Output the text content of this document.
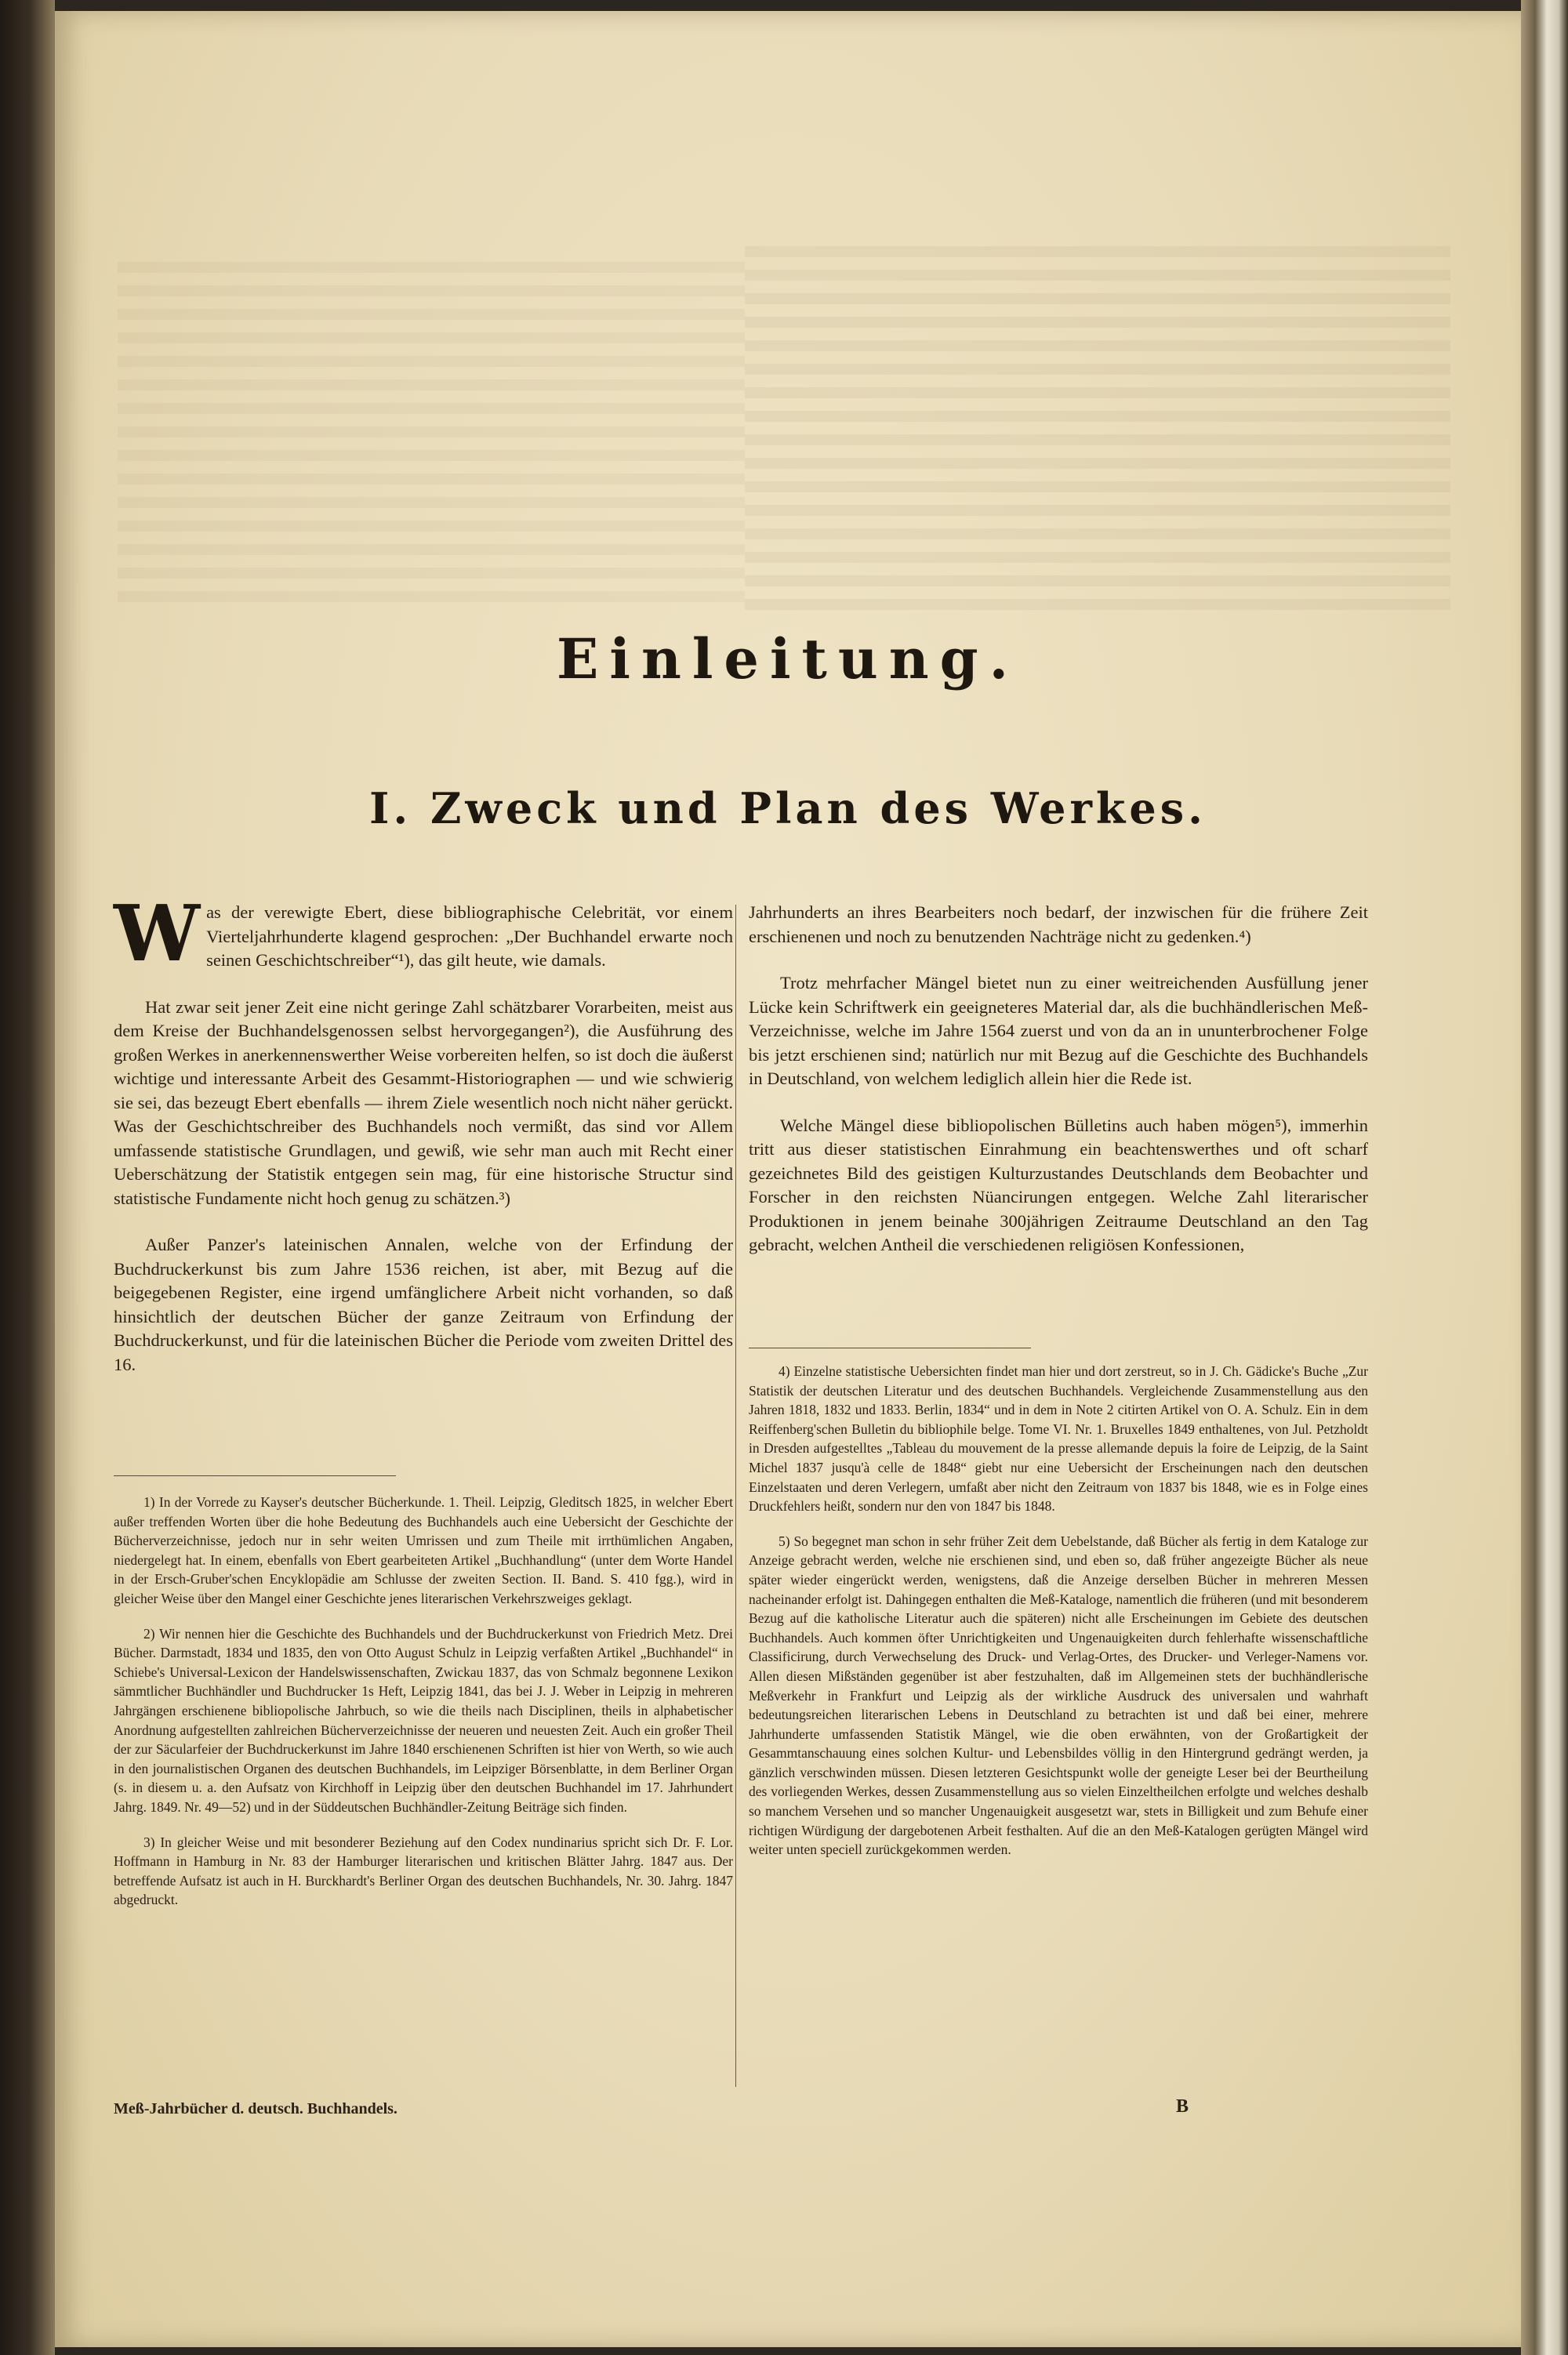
Einleitung.
I. Zweck und Plan des Werkes.

Was der verewigte Ebert, diese bibliographische Celebrität, vor einem Vierteljahrhunderte klagend gesprochen: „Der Buchhandel erwarte noch seinen Geschichtschreiber“¹), das gilt heute, wie damals.

Hat zwar seit jener Zeit eine nicht geringe Zahl schätzbarer Vorarbeiten, meist aus dem Kreise der Buchhandelsgenossen selbst hervorgegangen²), die Ausführung des großen Werkes in anerkennenswerther Weise vorbereiten helfen, so ist doch die äußerst wichtige und interessante Arbeit des Gesammt-Historiographen — und wie schwierig sie sei, das bezeugt Ebert ebenfalls — ihrem Ziele wesentlich noch nicht näher gerückt. Was der Geschichtschreiber des Buchhandels noch vermißt, das sind vor Allem umfassende statistische Grundlagen, und gewiß, wie sehr man auch mit Recht einer Ueberschätzung der Statistik entgegen sein mag, für eine historische Structur sind statistische Fundamente nicht hoch genug zu schätzen.³)

Außer Panzer's lateinischen Annalen, welche von der Erfindung der Buchdruckerkunst bis zum Jahre 1536 reichen, ist aber, mit Bezug auf die beigegebenen Register, eine irgend umfänglichere Arbeit nicht vorhanden, so daß hinsichtlich der deutschen Bücher der ganze Zeitraum von Erfindung der Buchdruckerkunst, und für die lateinischen Bücher die Periode vom zweiten Drittel des 16.

Jahrhunderts an ihres Bearbeiters noch bedarf, der inzwischen für die frühere Zeit erschienenen und noch zu benutzenden Nachträge nicht zu gedenken.⁴)

Trotz mehrfacher Mängel bietet nun zu einer weitreichenden Ausfüllung jener Lücke kein Schriftwerk ein geeigneteres Material dar, als die buchhändlerischen Meß-Verzeichnisse, welche im Jahre 1564 zuerst und von da an in ununterbrochener Folge bis jetzt erschienen sind; natürlich nur mit Bezug auf die Geschichte des Buchhandels in Deutschland, von welchem lediglich allein hier die Rede ist.

Welche Mängel diese bibliopolischen Bülletins auch haben mögen⁵), immerhin tritt aus dieser statistischen Einrahmung ein beachtenswerthes und oft scharf gezeichnetes Bild des geistigen Kulturzustandes Deutschlands dem Beobachter und Forscher in den reichsten Nüancirungen entgegen. Welche Zahl literarischer Produktionen in jenem beinahe 300jährigen Zeitraume Deutschland an den Tag gebracht, welchen Antheil die verschiedenen religiösen Konfessionen,

1) In der Vorrede zu Kayser's deutscher Bücherkunde. 1. Theil. Leipzig, Gleditsch 1825, in welcher Ebert außer treffenden Worten über die hohe Bedeutung des Buchhandels auch eine Uebersicht der Geschichte der Bücherverzeichnisse, jedoch nur in sehr weiten Umrissen und zum Theile mit irrthümlichen Angaben, niedergelegt hat. In einem, ebenfalls von Ebert gearbeiteten Artikel „Buchhandlung“ (unter dem Worte Handel in der Ersch-Gruber'schen Encyklopädie am Schlusse der zweiten Section. II. Band. S. 410 fgg.), wird in gleicher Weise über den Mangel einer Geschichte jenes literarischen Verkehrszweiges geklagt.

2) Wir nennen hier die Geschichte des Buchhandels und der Buchdruckerkunst von Friedrich Metz. Drei Bücher. Darmstadt, 1834 und 1835, den von Otto August Schulz in Leipzig verfaßten Artikel „Buchhandel“ in Schiebe's Universal-Lexicon der Handelswissenschaften, Zwickau 1837, das von Schmalz begonnene Lexikon sämmtlicher Buchhändler und Buchdrucker 1s Heft, Leipzig 1841, das bei J. J. Weber in Leipzig in mehreren Jahrgängen erschienene bibliopolische Jahrbuch, so wie die theils nach Disciplinen, theils in alphabetischer Anordnung aufgestellten zahlreichen Bücherverzeichnisse der neueren und neuesten Zeit. Auch ein großer Theil der zur Säcularfeier der Buchdruckerkunst im Jahre 1840 erschienenen Schriften ist hier von Werth, so wie auch in den journalistischen Organen des deutschen Buchhandels, im Leipziger Börsenblatte, in dem Berliner Organ (s. in diesem u. a. den Aufsatz von Kirchhoff in Leipzig über den deutschen Buchhandel im 17. Jahrhundert Jahrg. 1849. Nr. 49—52) und in der Süddeutschen Buchhändler-Zeitung Beiträge sich finden.

3) In gleicher Weise und mit besonderer Beziehung auf den Codex nundinarius spricht sich Dr. F. Lor. Hoffmann in Hamburg in Nr. 83 der Hamburger literarischen und kritischen Blätter Jahrg. 1847 aus. Der betreffende Aufsatz ist auch in H. Burckhardt's Berliner Organ des deutschen Buchhandels, Nr. 30. Jahrg. 1847 abgedruckt.

4) Einzelne statistische Uebersichten findet man hier und dort zerstreut, so in J. Ch. Gädicke's Buche „Zur Statistik der deutschen Literatur und des deutschen Buchhandels. Vergleichende Zusammenstellung aus den Jahren 1818, 1832 und 1833. Berlin, 1834“ und in dem in Note 2 citirten Artikel von O. A. Schulz. Ein in dem Reiffenberg'schen Bulletin du bibliophile belge. Tome VI. Nr. 1. Bruxelles 1849 enthaltenes, von Jul. Petzholdt in Dresden aufgestelltes „Tableau du mouvement de la presse allemande depuis la foire de Leipzig, de la Saint Michel 1837 jusqu'à celle de 1848“ giebt nur eine Uebersicht der Erscheinungen nach den deutschen Einzelstaaten und deren Verlegern, umfaßt aber nicht den Zeitraum von 1837 bis 1848, wie es in Folge eines Druckfehlers heißt, sondern nur den von 1847 bis 1848.

5) So begegnet man schon in sehr früher Zeit dem Uebelstande, daß Bücher als fertig in dem Kataloge zur Anzeige gebracht werden, welche nie erschienen sind, und eben so, daß früher angezeigte Bücher als neue später wieder eingerückt werden, wenigstens, daß die Anzeige derselben Bücher in mehreren Messen nacheinander erfolgt ist. Dahingegen enthalten die Meß-Kataloge, namentlich die früheren (und mit besonderem Bezug auf die katholische Literatur auch die späteren) nicht alle Erscheinungen im Gebiete des deutschen Buchhandels. Auch kommen öfter Unrichtigkeiten und Ungenauigkeiten durch fehlerhafte wissenschaftliche Classificirung, durch Verwechselung des Druck- und Verlag-Ortes, des Drucker- und Verleger-Namens vor. Allen diesen Mißständen gegenüber ist aber festzuhalten, daß im Allgemeinen stets der buchhändlerische Meßverkehr in Frankfurt und Leipzig als der wirkliche Ausdruck des universalen und wahrhaft bedeutungsreichen literarischen Lebens in Deutschland zu betrachten ist und daß bei einer, mehrere Jahrhunderte umfassenden Statistik Mängel, wie die oben erwähnten, von der Großartigkeit der Gesammtanschauung eines solchen Kultur- und Lebensbildes völlig in den Hintergrund gedrängt werden, ja gänzlich verschwinden müssen. Diesen letzteren Gesichtspunkt wolle der geneigte Leser bei der Beurtheilung des vorliegenden Werkes, dessen Zusammenstellung aus so vielen Einzeltheilchen erfolgte und welches deshalb so manchem Versehen und so mancher Ungenauigkeit ausgesetzt war, stets in Billigkeit und zum Behufe einer richtigen Würdigung der dargebotenen Arbeit festhalten. Auf die an den Meß-Katalogen gerügten Mängel wird weiter unten speciell zurückgekommen werden.

Meß-Jahrbücher d. deutsch. Buchhandels.	B
